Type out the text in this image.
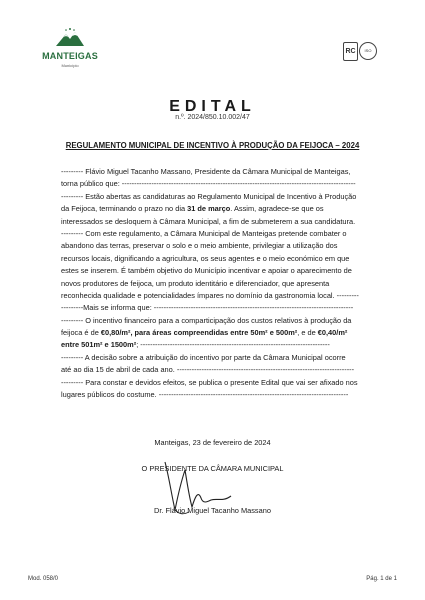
MANTEIGAS
Município
RC	ISO
EDITAL
n.º. 2024/850.10.002/47
REGULAMENTO MUNICIPAL DE INCENTIVO À PRODUÇÃO DA FEIJOCA – 2024
--------- Flávio Miguel Tacanho Massano, Presidente da Câmara Municipal de Manteigas,
torna público que: -----------------------------------------------------------------------------------------------
--------- Estão abertas as candidaturas ao Regulamento Municipal de Incentivo à Produção
da Feijoca, terminando o prazo no dia 31 de março. Assim, agradece-se que os
interessados se desloquem à Câmara Municipal, a fim de submeterem a sua candidatura.
--------- Com este regulamento, a Câmara Municipal de Manteigas pretende combater o
abandono das terras, preservar o solo e o meio ambiente, privilegiar a utilização dos
recursos locais, dignificando a agricultura, os seus agentes e o meio económico em que
estes se inserem. É também objetivo do Município incentivar e apoiar o aparecimento de
novos produtores de feijoca, um produto identitário e diferenciador, que apresenta
reconhecida qualidade e potencialidades ímpares no domínio da gastronomia local. ---------
---------Mais se informa que: ---------------------------------------------------------------------------------
--------- O incentivo financeiro para a comparticipação dos custos relativos à produção da
feijoca é de €0,80/m², para áreas compreendidas entre 50m² e 500m², e de €0,40/m²
entre 501m² e 1500m²; -----------------------------------------------------------------------------
--------- A decisão sobre a atribuição do incentivo por parte da Câmara Municipal ocorre
até ao dia 15 de abril de cada ano. ------------------------------------------------------------------------
--------- Para constar e devidos efeitos, se publica o presente Edital que vai ser afixado nos
lugares públicos do costume. -----------------------------------------------------------------------------
Manteigas, 23 de fevereiro de 2024
O PRESIDENTE DA CÂMARA MUNICIPAL
Dr. Flávio Miguel Tacanho Massano
Mod. 058/0	Pág. 1 de 1
